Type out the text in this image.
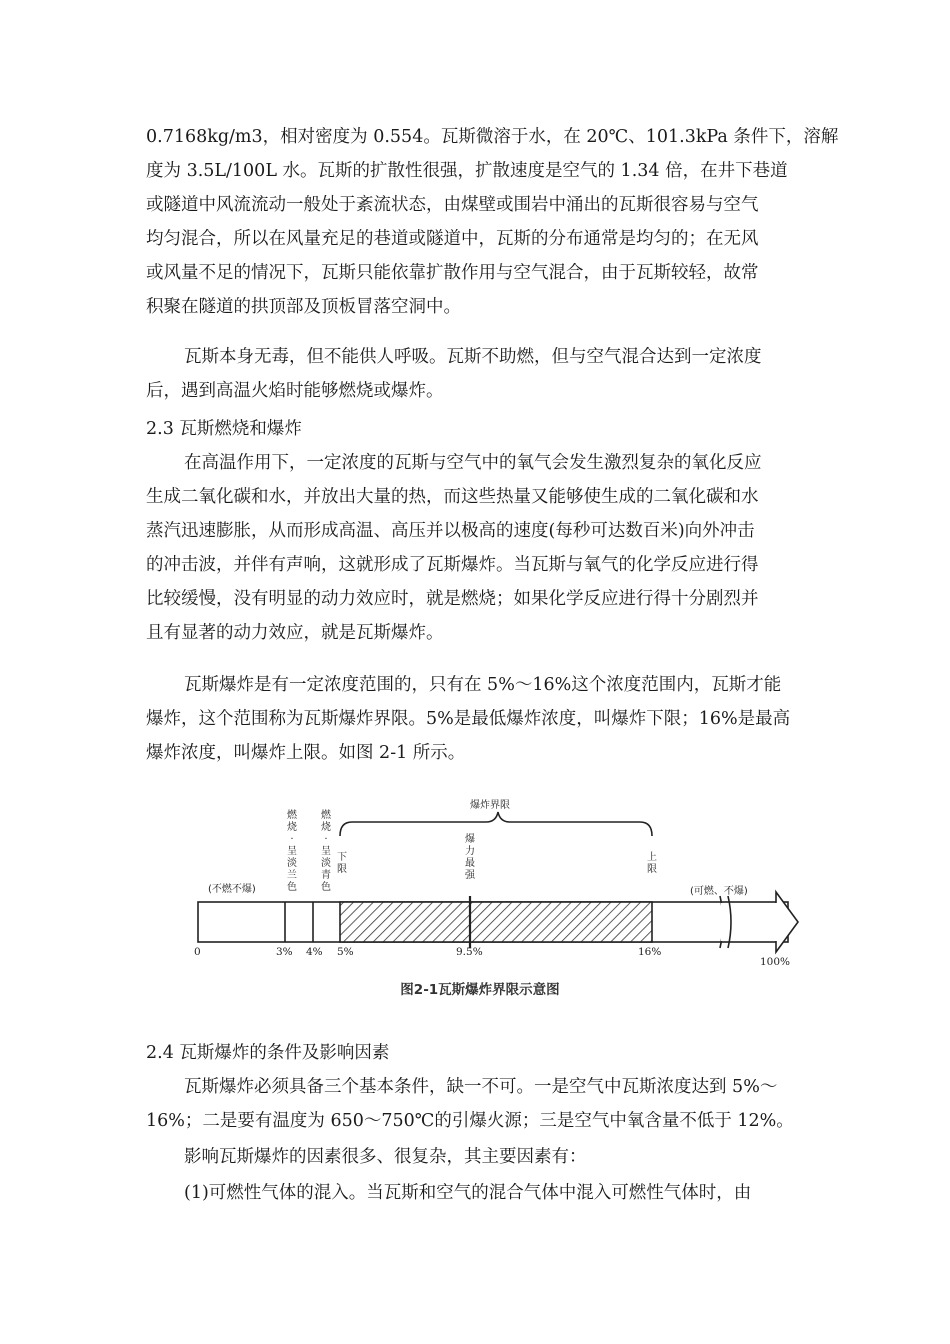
0.7168kg/m3，相对密度为 0.554。瓦斯微溶于水，在 20℃、101.3kPa 条件下，溶解
度为 3.5L/100L 水。瓦斯的扩散性很强，扩散速度是空气的 1.34 倍，在井下巷道
或隧道中风流流动一般处于紊流状态，由煤壁或围岩中涌出的瓦斯很容易与空气
均匀混合，所以在风量充足的巷道或隧道中，瓦斯的分布通常是均匀的；在无风
或风量不足的情况下，瓦斯只能依靠扩散作用与空气混合，由于瓦斯较轻，故常
积聚在隧道的拱顶部及顶板冒落空洞中。

瓦斯本身无毒，但不能供人呼吸。瓦斯不助燃，但与空气混合达到一定浓度
后，遇到高温火焰时能够燃烧或爆炸。

2.3 瓦斯燃烧和爆炸

在高温作用下，一定浓度的瓦斯与空气中的氧气会发生激烈复杂的氧化反应
生成二氧化碳和水，并放出大量的热，而这些热量又能够使生成的二氧化碳和水
蒸汽迅速膨胀，从而形成高温、高压并以极高的速度(每秒可达数百米)向外冲击
的冲击波，并伴有声响，这就形成了瓦斯爆炸。当瓦斯与氧气的化学反应进行得
比较缓慢，没有明显的动力效应时，就是燃烧；如果化学反应进行得十分剧烈并
且有显著的动力效应，就是瓦斯爆炸。

瓦斯爆炸是有一定浓度范围的，只有在 5%～16%这个浓度范围内，瓦斯才能
爆炸，这个范围称为瓦斯爆炸界限。5%是最低爆炸浓度，叫爆炸下限；16%是最高
爆炸浓度，叫爆炸上限。如图 2-1 所示。

爆炸界限
(不燃不爆)
燃烧·呈淡兰色
燃烧·呈淡青色
下限
爆力最强
上限
(可燃、不爆)
0	3% 4% 5%	9.5%	16%
100%
图2-1瓦斯爆炸界限示意图
2.4 瓦斯爆炸的条件及影响因素

瓦斯爆炸必须具备三个基本条件，缺一不可。一是空气中瓦斯浓度达到 5%～
16%；二是要有温度为 650～750℃的引爆火源；三是空气中氧含量不低于 12%。

影响瓦斯爆炸的因素很多、很复杂，其主要因素有：

(1)可燃性气体的混入。当瓦斯和空气的混合气体中混入可燃性气体时，由
